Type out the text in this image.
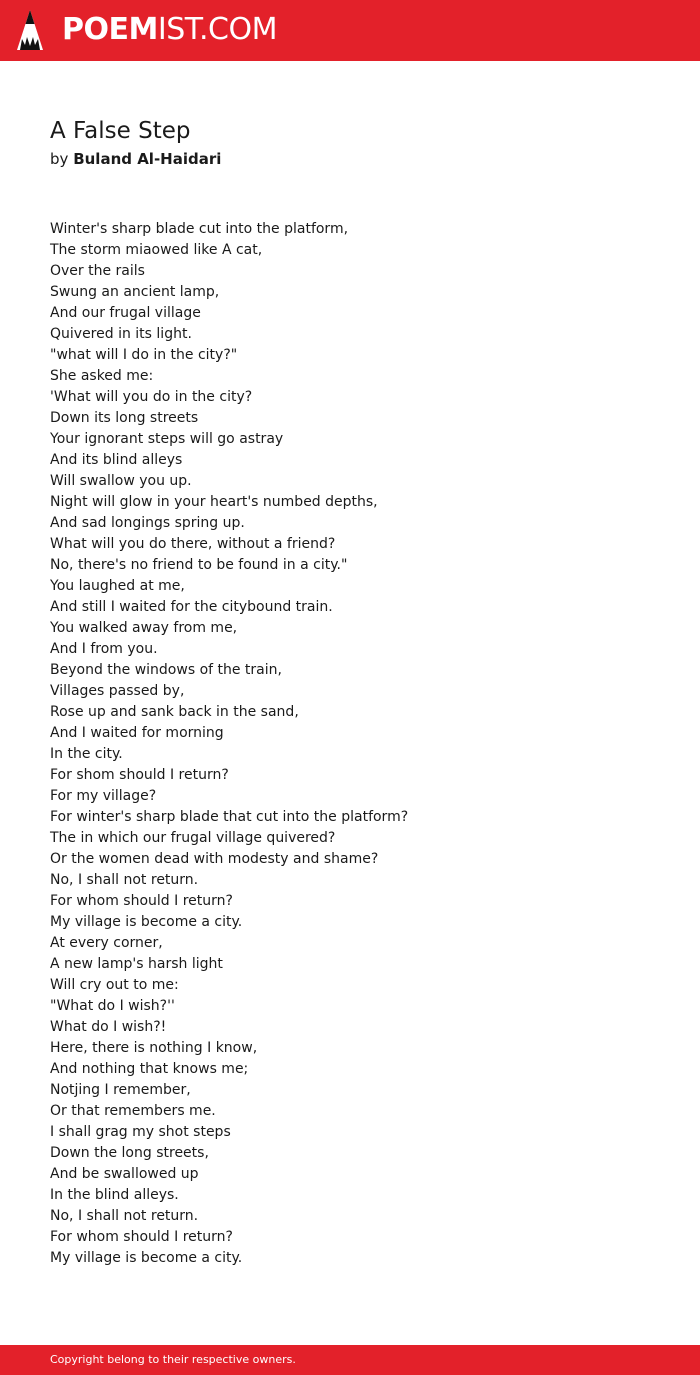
POEMIST.COM
A False Step
by Buland Al-Haidari
Winter's sharp blade cut into the platform,
The storm miaowed like A cat,
Over the rails
Swung an ancient lamp,
And our frugal village
Quivered in its light.
"what will I do in the city?"
She asked me:
'What will you do in the city?
Down its long streets
Your ignorant steps will go astray
And its blind alleys
Will swallow you up.
Night will glow in your heart's numbed depths,
And sad longings spring up.
What will you do there, without a friend?
No, there's no friend to be found in a city."
You laughed at me,
And still I waited for the citybound train.
You walked away from me,
And I from you.
Beyond the windows of the train,
Villages passed by,
Rose up and sank back in the sand,
And I waited for morning
In the city.
For shom should I return?
For my village?
For winter's sharp blade that cut into the platform?
The in which our frugal village quivered?
Or the women dead with modesty and shame?
No, I shall not return.
For whom should I return?
My village is become a city.
At every corner,
A new lamp's harsh light
Will cry out to me:
"What do I wish?''
What do I wish?!
Here, there is nothing I know,
And nothing that knows me;
Notjing I remember,
Or that remembers me.
I shall grag my shot steps
Down the long streets,
And be swallowed up
In the blind alleys.
No, I shall not return.
For whom should I return?
My village is become a city.
Copyright belong to their respective owners.
